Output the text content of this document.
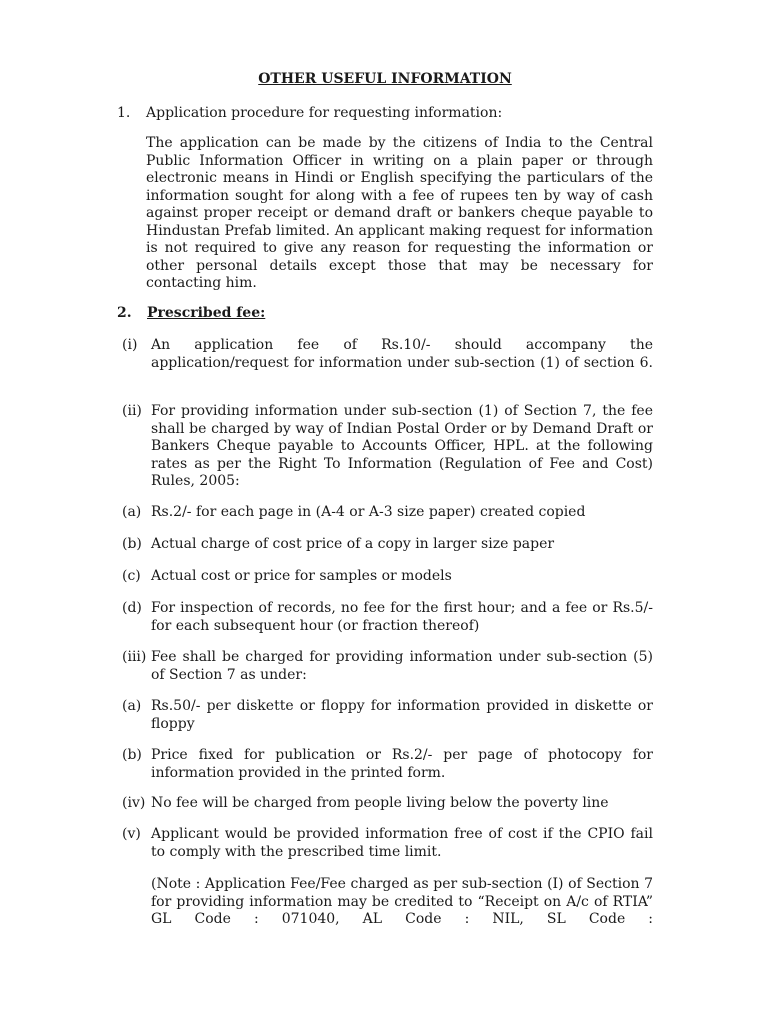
OTHER USEFUL INFORMATION
1. Application procedure for requesting information:
The application can be made by the citizens of India to the Central Public Information Officer in writing on a plain paper or through electronic means in Hindi or English specifying the particulars of the information sought for along with a fee of rupees ten by way of cash against proper receipt or demand draft or bankers cheque payable to Hindustan Prefab limited. An applicant making request for information is not required to give any reason for requesting the information or other personal details except those that may be necessary for contacting him.
2. Prescribed fee:
(i) An application fee of Rs.10/- should accompany the application/request for information under sub-section (1) of section 6.
(ii) For providing information under sub-section (1) of Section 7, the fee shall be charged by way of Indian Postal Order or by Demand Draft or Bankers Cheque payable to Accounts Officer, HPL. at the following rates as per the Right To Information (Regulation of Fee and Cost) Rules, 2005:
(a) Rs.2/- for each page in (A-4 or A-3 size paper) created copied
(b) Actual charge of cost price of a copy in larger size paper
(c) Actual cost or price for samples or models
(d) For inspection of records, no fee for the first hour; and a fee or Rs.5/- for each subsequent hour (or fraction thereof)
(iii) Fee shall be charged for providing information under sub-section (5) of Section 7 as under:
(a) Rs.50/- per diskette or floppy for information provided in diskette or floppy
(b) Price fixed for publication or Rs.2/- per page of photocopy for information provided in the printed form.
(iv) No fee will be charged from people living below the poverty line
(v) Applicant would be provided information free of cost if the CPIO fail to comply with the prescribed time limit.
(Note : Application Fee/Fee charged as per sub-section (I) of Section 7 for providing information may be credited to “Receipt on A/c of RTIA” GL Code : 071040, AL Code : NIL, SL Code :
